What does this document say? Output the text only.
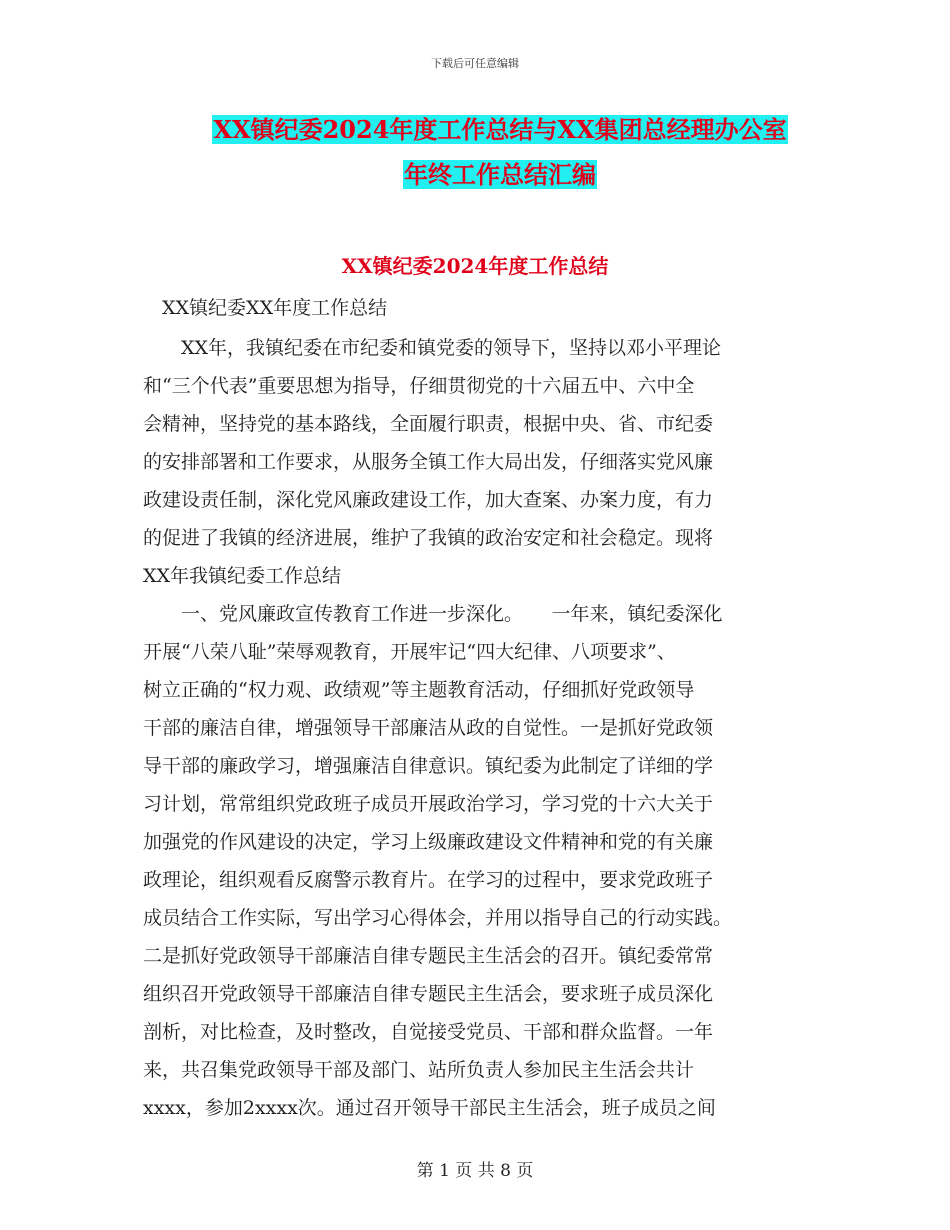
下载后可任意编辑
XX镇纪委2024年度工作总结与XX集团总经理办公室
年终工作总结汇编
XX镇纪委2024年度工作总结
　XX镇纪委XX年度工作总结
　　XX年，我镇纪委在市纪委和镇党委的领导下，坚持以邓小平理论
和“三个代表”重要思想为指导，仔细贯彻党的十六届五中、六中全
会精神，坚持党的基本路线，全面履行职责，根据中央、省、市纪委
的安排部署和工作要求，从服务全镇工作大局出发，仔细落实党风廉
政建设责任制，深化党风廉政建设工作，加大查案、办案力度，有力
的促进了我镇的经济进展，维护了我镇的政治安定和社会稳定。现将
XX年我镇纪委工作总结
　　一、党风廉政宣传教育工作进一步深化。　　一年来，镇纪委深化
开展“八荣八耻”荣辱观教育，开展牢记“四大纪律、八项要求”、
树立正确的“权力观、政绩观”等主题教育活动，仔细抓好党政领导
干部的廉洁自律，增强领导干部廉洁从政的自觉性。一是抓好党政领
导干部的廉政学习，增强廉洁自律意识。镇纪委为此制定了详细的学
习计划，常常组织党政班子成员开展政治学习，学习党的十六大关于
加强党的作风建设的决定，学习上级廉政建设文件精神和党的有关廉
政理论，组织观看反腐警示教育片。在学习的过程中，要求党政班子
成员结合工作实际，写出学习心得体会，并用以指导自己的行动实践。
二是抓好党政领导干部廉洁自律专题民主生活会的召开。镇纪委常常
组织召开党政领导干部廉洁自律专题民主生活会，要求班子成员深化
剖析，对比检查，及时整改，自觉接受党员、干部和群众监督。一年
来，共召集党政领导干部及部门、站所负责人参加民主生活会共计
xxxx，参加2xxxx次。通过召开领导干部民主生活会，班子成员之间
第 1 页 共 8 页
